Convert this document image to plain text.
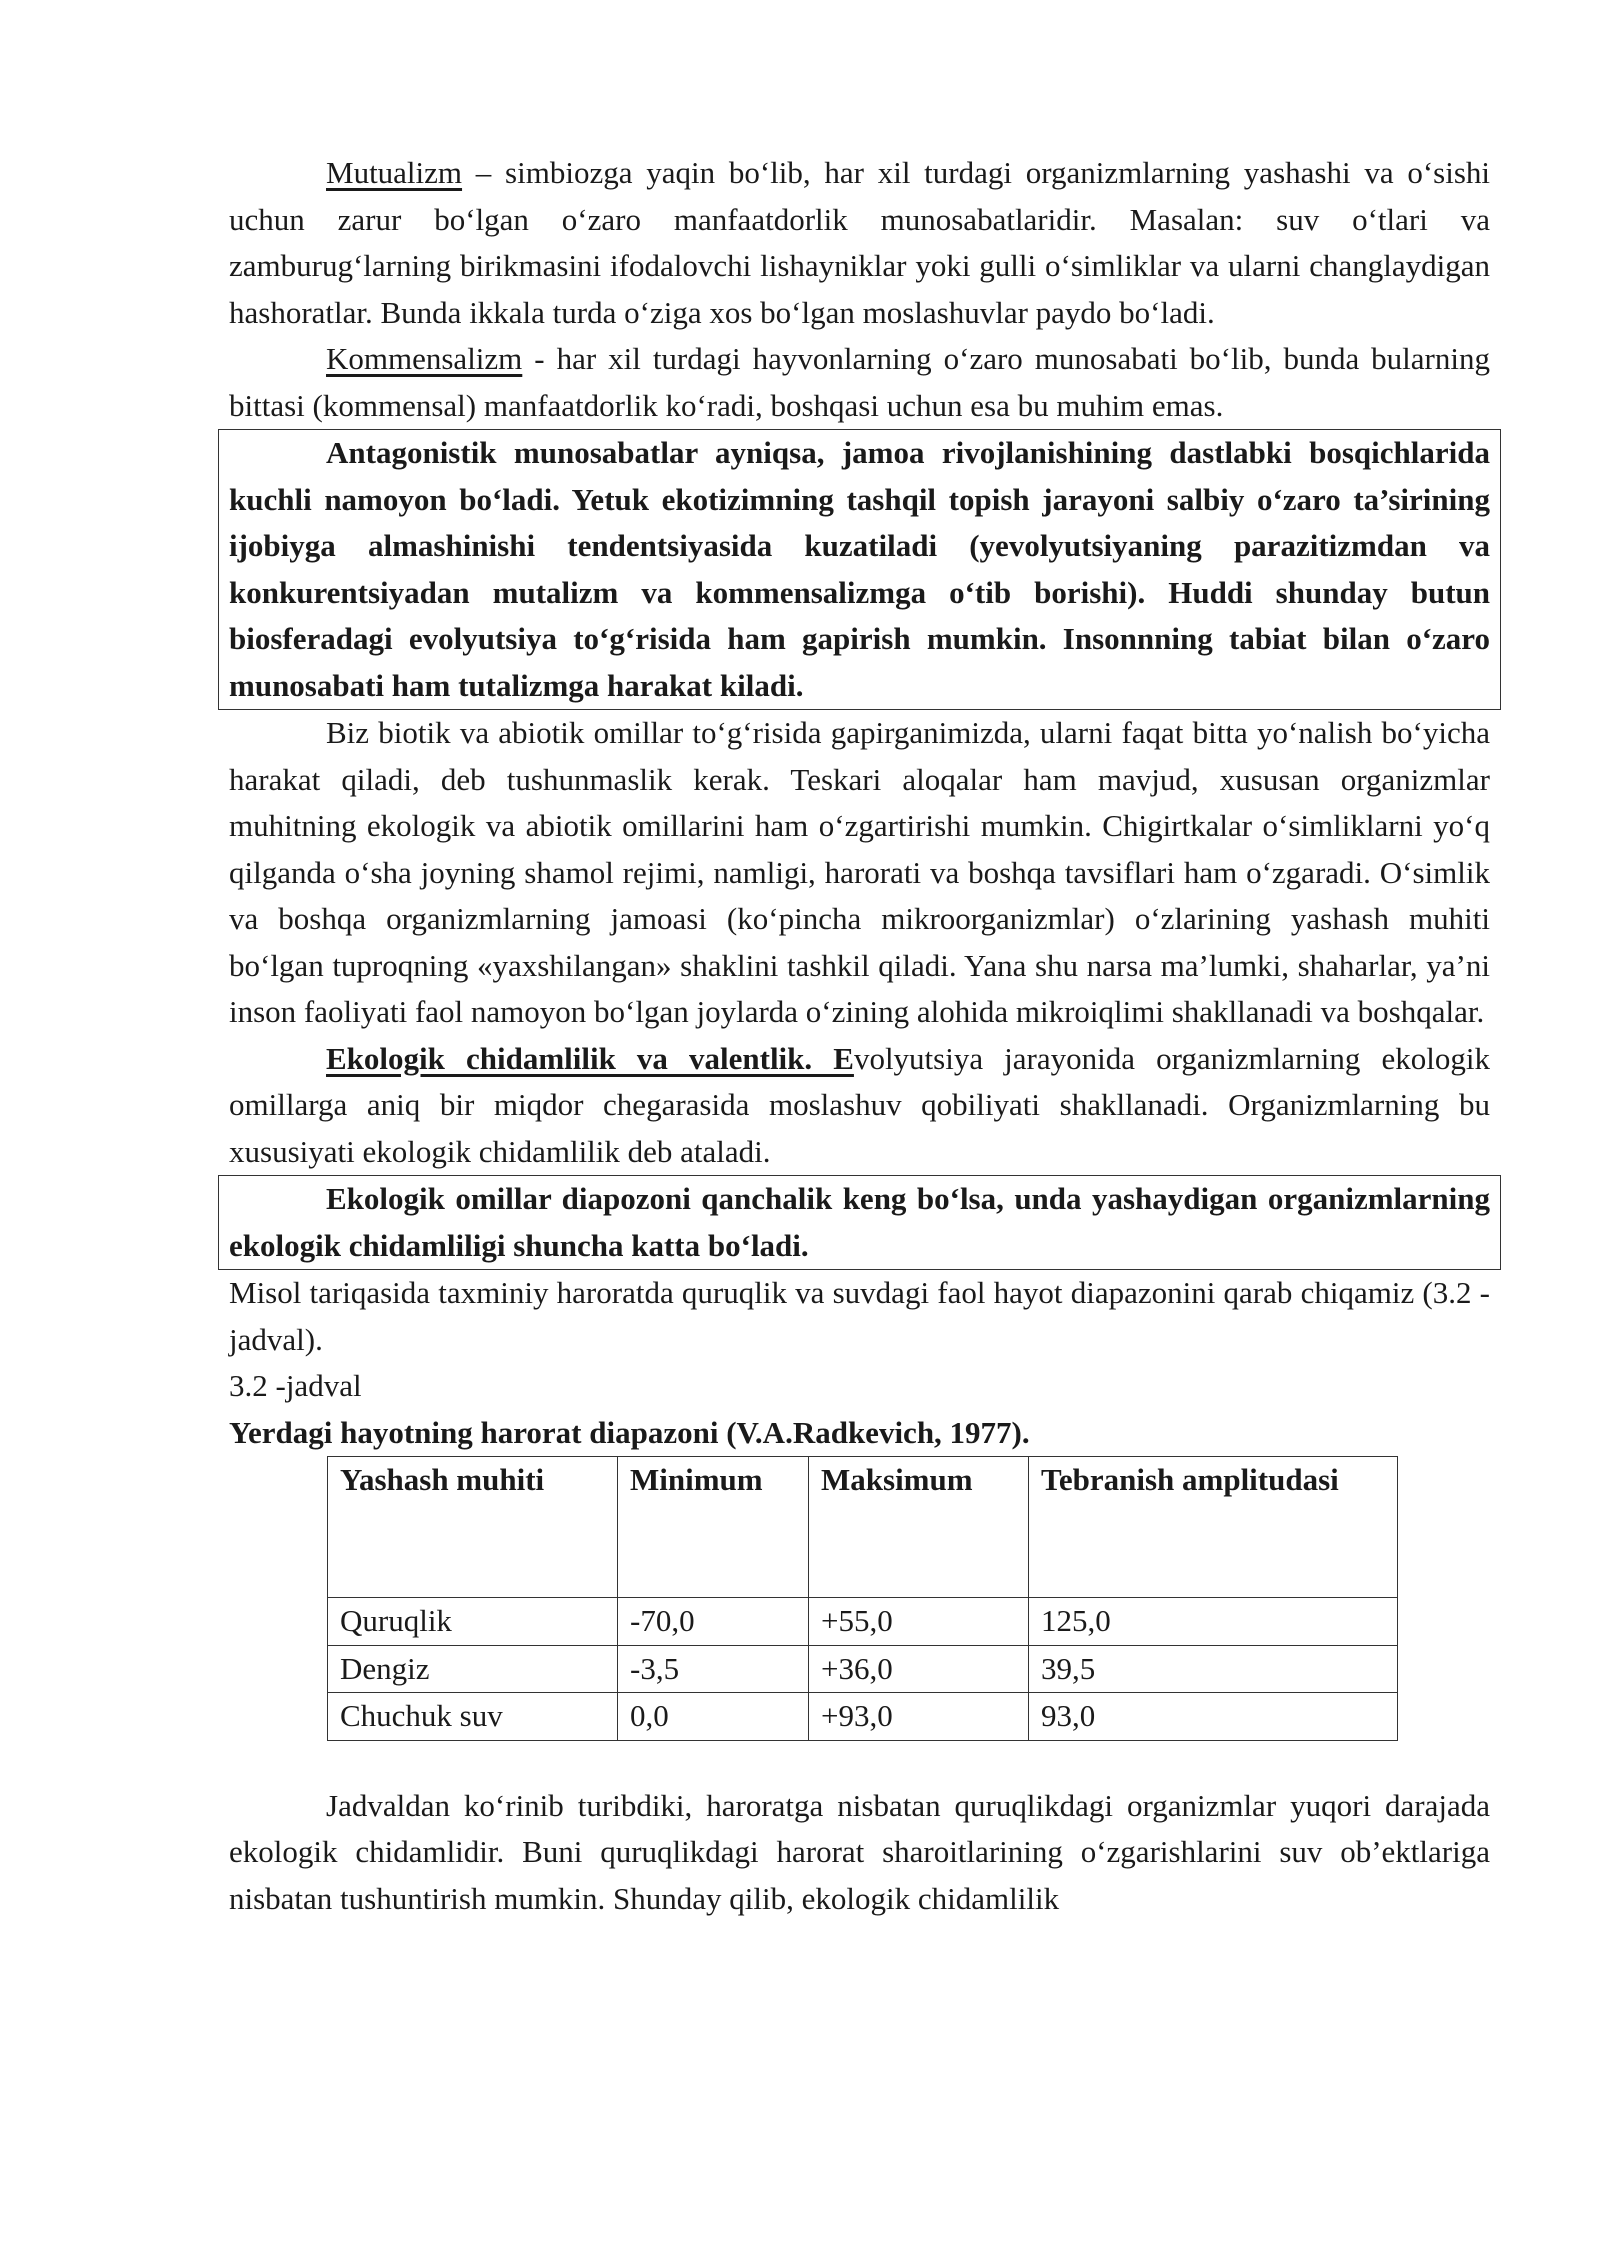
Mutualizm – simbiozga yaqin bo‘lib, har xil turdagi organizmlarning yashashi va o‘sishi uchun zarur bo‘lgan o‘zaro manfaatdorlik munosabatlaridir. Masalan: suv o‘tlari va zamburug‘larning birikmasini ifodalovchi lishayniklar yoki gulli o‘simliklar va ularni changlaydigan hashoratlar. Bunda ikkala turda o‘ziga xos bo‘lgan moslashuvlar paydo bo‘ladi.

Kommensalizm - har xil turdagi hayvonlarning o‘zaro munosabati bo‘lib, bunda bularning bittasi (kommensal) manfaatdorlik ko‘radi, boshqasi uchun esa bu muhim emas.

Antagonistik munosabatlar ayniqsa, jamoa rivojlanishining dastlabki bosqichlarida kuchli namoyon bo‘ladi. Yetuk ekotizimning tashqil topish jarayoni salbiy o‘zaro ta’sirining ijobiyga almashinishi tendentsiyasida kuzatiladi (yevolyutsiyaning parazitizmdan va konkurentsiyadan mutalizm va kommensalizmga o‘tib borishi). Huddi shunday butun biosferadagi evolyutsiya to‘g‘risida ham gapirish mumkin. Insonnning tabiat bilan o‘zaro munosabati ham tutalizmga harakat kiladi.

Biz biotik va abiotik omillar to‘g‘risida gapirganimizda, ularni faqat bitta yo‘nalish bo‘yicha harakat qiladi, deb tushunmaslik kerak. Teskari aloqalar ham mavjud, xususan organizmlar muhitning ekologik va abiotik omillarini ham o‘zgartirishi mumkin. Chigirtkalar o‘simliklarni yo‘q qilganda o‘sha joyning shamol rejimi, namligi, harorati va boshqa tavsiflari ham o‘zgaradi. O‘simlik va boshqa organizmlarning jamoasi (ko‘pincha mikroorganizmlar) o‘zlarining yashash muhiti bo‘lgan tuproqning «yaxshilangan» shaklini tashkil qiladi. Yana shu narsa ma’lumki, shaharlar, ya’ni inson faoliyati faol namoyon bo‘lgan joylarda o‘zining alohida mikroiqlimi shakllanadi va boshqalar.

Ekologik chidamlilik va valentlik. Evolyutsiya jarayonida organizmlarning ekologik omillarga aniq bir miqdor chegarasida moslashuv qobiliyati shakllanadi. Organizmlarning bu xususiyati ekologik chidamlilik deb ataladi.

Ekologik omillar diapozoni qanchalik keng bo‘lsa, unda yashaydigan organizmlarning ekologik chidamliligi shuncha katta bo‘ladi.

Misol tariqasida taxminiy haroratda quruqlik va suvdagi faol hayot diapazonini qarab chiqamiz (3.2 -jadval).

3.2 -jadval

Yerdagi hayotning harorat diapazoni (V.A.Radkevich, 1977).

Yashash muhiti	Minimum	Maksimum	Tebranish amplitudasi
Quruqlik	-70,0	+55,0	125,0
Dengiz	-3,5	+36,0	39,5
Chuchuk suv	0,0	+93,0	93,0

Jadvaldan ko‘rinib turibdiki, haroratga nisbatan quruqlikdagi organizmlar yuqori darajada ekologik chidamlidir. Buni quruqlikdagi harorat sharoitlarining o‘zgarishlarini suv ob’ektlariga nisbatan tushuntirish mumkin. Shunday qilib, ekologik chidamlilik
